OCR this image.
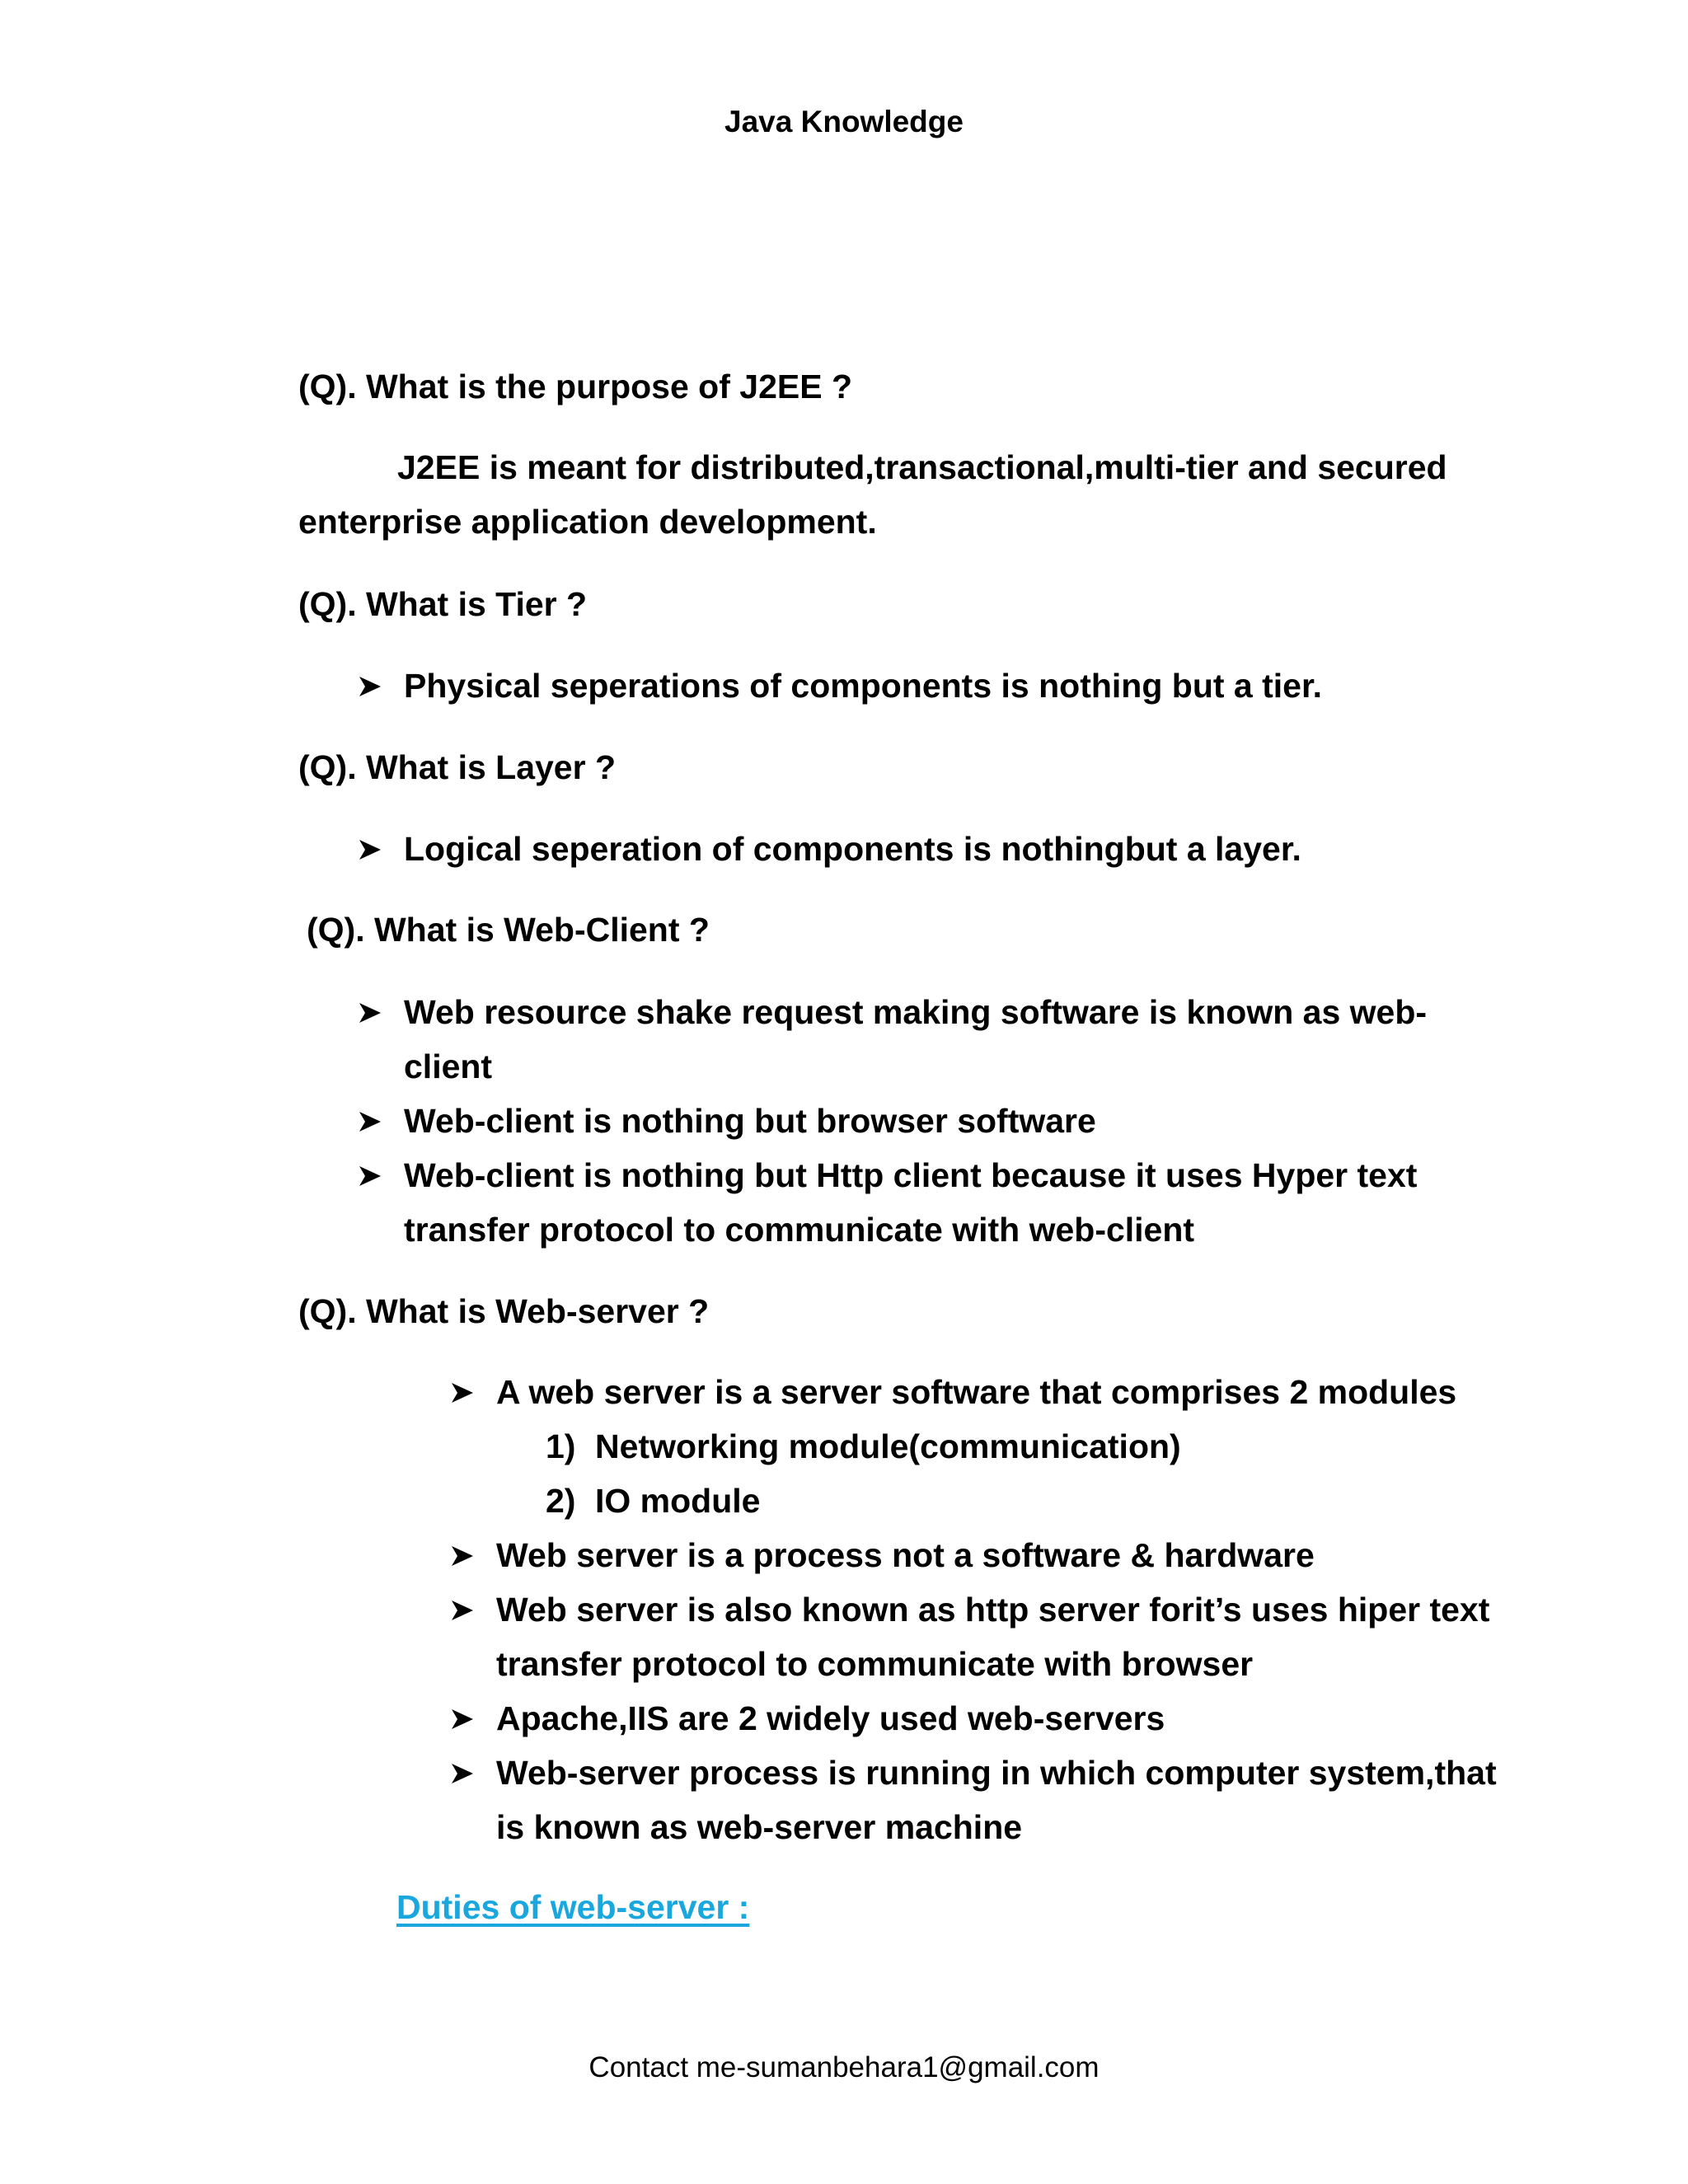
Java Knowledge
(Q). What is the purpose of J2EE ?
J2EE is meant for distributed,transactional,multi-tier and secured
enterprise application development.
(Q). What is Tier ?
Physical seperations of components is nothing but a tier.
(Q). What is Layer ?
Logical seperation of components is nothingbut a layer.
(Q). What is Web-Client ?
Web resource shake request making software is known as web-
client
Web-client is nothing but browser software
Web-client is nothing but Http client because it uses Hyper text
transfer protocol to communicate with web-client
(Q). What is Web-server ?
A web server is a server software that comprises 2 modules
1) Networking module(communication)
2) IO module
Web server is a process not a software & hardware
Web server is also known as http server forit’s uses hiper text
transfer protocol to communicate with browser
Apache,IIS are 2 widely used web-servers
Web-server process is running in which computer system,that
is known as web-server machine
Duties of web-server :
Contact me-sumanbehara1@gmail.com
